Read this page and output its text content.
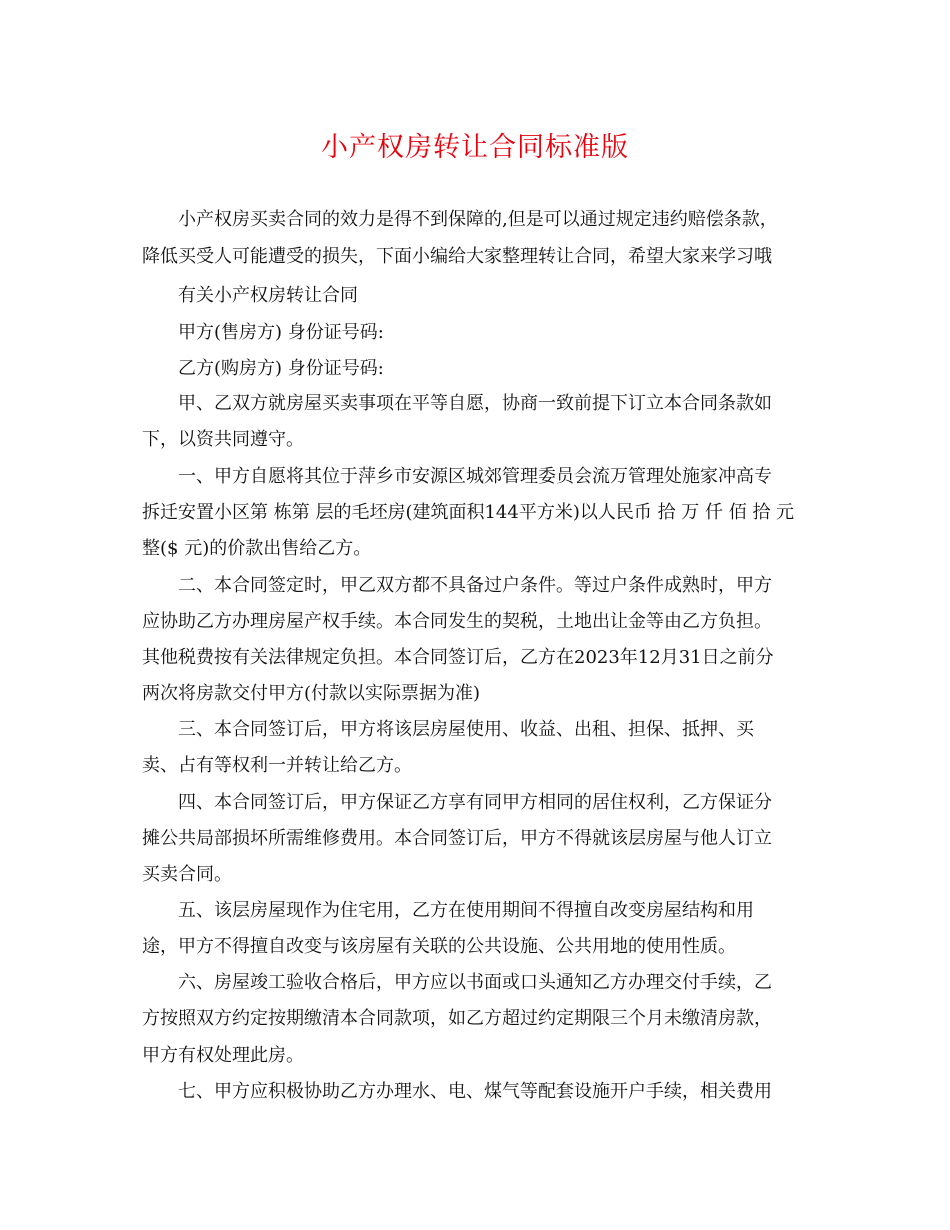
小产权房转让合同标准版

小产权房买卖合同的效力是得不到保障的,但是可以通过规定违约赔偿条款，

降低买受人可能遭受的损失，下面小编给大家整理转让合同，希望大家来学习哦

有关小产权房转让合同

甲方(售房方) 身份证号码:

乙方(购房方) 身份证号码:

甲、乙双方就房屋买卖事项在平等自愿，协商一致前提下订立本合同条款如

下，以资共同遵守。

一、甲方自愿将其位于萍乡市安源区城郊管理委员会流万管理处施家冲高专

拆迁安置小区第 栋第 层的毛坯房(建筑面积144平方米)以人民币 拾 万 仟 佰 拾 元

整($ 元)的价款出售给乙方。

二、本合同签定时，甲乙双方都不具备过户条件。等过户条件成熟时，甲方

应协助乙方办理房屋产权手续。本合同发生的契税，土地出让金等由乙方负担。

其他税费按有关法律规定负担。本合同签订后，乙方在2023年12月31日之前分

两次将房款交付甲方(付款以实际票据为准)

三、本合同签订后，甲方将该层房屋使用、收益、出租、担保、抵押、买

卖、占有等权利一并转让给乙方。

四、本合同签订后，甲方保证乙方享有同甲方相同的居住权利，乙方保证分

摊公共局部损坏所需维修费用。本合同签订后，甲方不得就该层房屋与他人订立

买卖合同。

五、该层房屋现作为住宅用，乙方在使用期间不得擅自改变房屋结构和用

途，甲方不得擅自改变与该房屋有关联的公共设施、公共用地的使用性质。

六、房屋竣工验收合格后，甲方应以书面或口头通知乙方办理交付手续，乙

方按照双方约定按期缴清本合同款项，如乙方超过约定期限三个月未缴清房款，

甲方有权处理此房。

七、甲方应积极协助乙方办理水、电、煤气等配套设施开户手续，相关费用
